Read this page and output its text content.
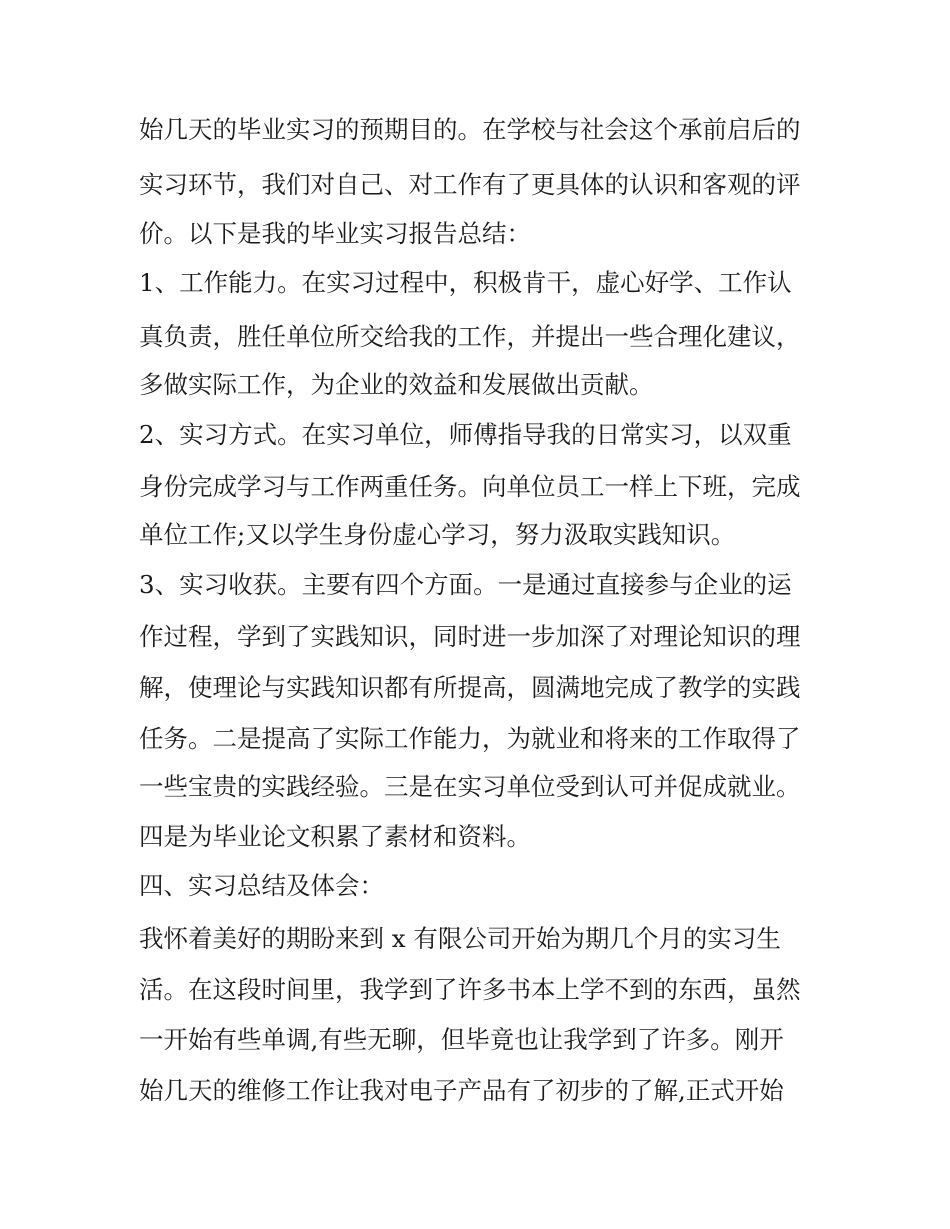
始几天的毕业实习的预期目的。在学校与社会这个承前启后的

实习环节，我们对自己、对工作有了更具体的认识和客观的评

价。以下是我的毕业实习报告总结：

1、工作能力。在实习过程中，积极肯干，虚心好学、工作认

真负责，胜任单位所交给我的工作，并提出一些合理化建议，

多做实际工作，为企业的效益和发展做出贡献。

2、实习方式。在实习单位，师傅指导我的日常实习，以双重

身份完成学习与工作两重任务。向单位员工一样上下班，完成

单位工作;又以学生身份虚心学习，努力汲取实践知识。

3、实习收获。主要有四个方面。一是通过直接参与企业的运

作过程，学到了实践知识，同时进一步加深了对理论知识的理

解，使理论与实践知识都有所提高，圆满地完成了教学的实践

任务。二是提高了实际工作能力，为就业和将来的工作取得了

一些宝贵的实践经验。三是在实习单位受到认可并促成就业。

四是为毕业论文积累了素材和资料。

四、实习总结及体会：

我怀着美好的期盼来到 x 有限公司开始为期几个月的实习生

活。在这段时间里，我学到了许多书本上学不到的东西，虽然

一开始有些单调,有些无聊，但毕竟也让我学到了许多。刚开

始几天的维修工作让我对电子产品有了初步的了解,正式开始
